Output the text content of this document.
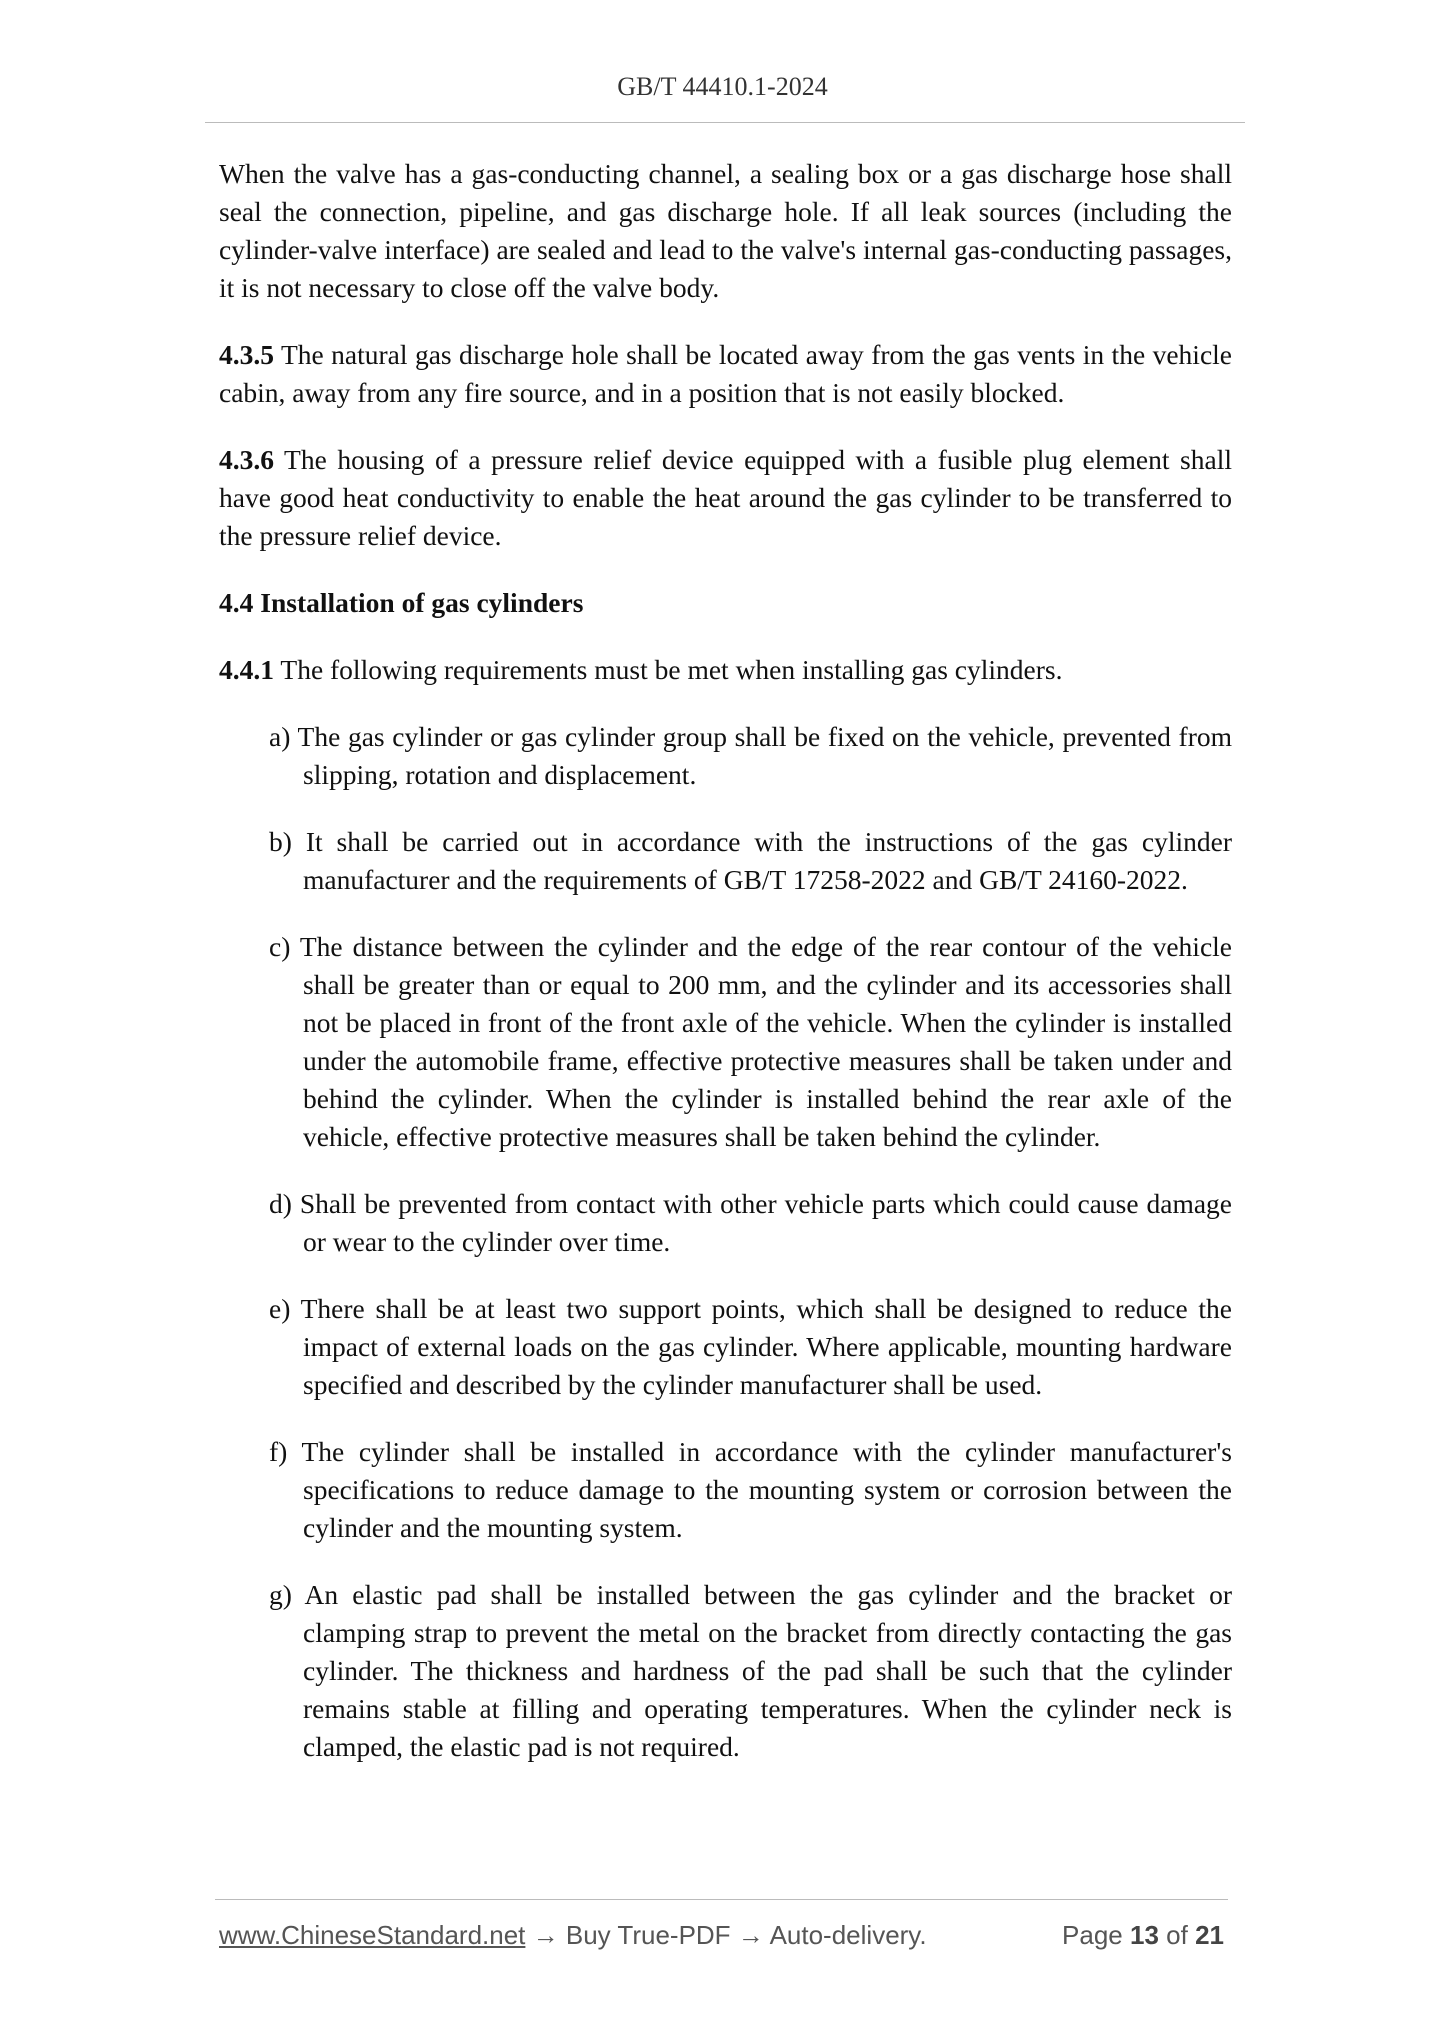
GB/T 44410.1-2024

When the valve has a gas-conducting channel, a sealing box or a gas discharge hose shall seal the connection, pipeline, and gas discharge hole. If all leak sources (including the cylinder-valve interface) are sealed and lead to the valve's internal gas-conducting passages, it is not necessary to close off the valve body.

4.3.5 The natural gas discharge hole shall be located away from the gas vents in the vehicle cabin, away from any fire source, and in a position that is not easily blocked.

4.3.6 The housing of a pressure relief device equipped with a fusible plug element shall have good heat conductivity to enable the heat around the gas cylinder to be transferred to the pressure relief device.

4.4 Installation of gas cylinders

4.4.1 The following requirements must be met when installing gas cylinders.

a) The gas cylinder or gas cylinder group shall be fixed on the vehicle, prevented from slipping, rotation and displacement.

b) It shall be carried out in accordance with the instructions of the gas cylinder manufacturer and the requirements of GB/T 17258-2022 and GB/T 24160-2022.

c) The distance between the cylinder and the edge of the rear contour of the vehicle shall be greater than or equal to 200 mm, and the cylinder and its accessories shall not be placed in front of the front axle of the vehicle. When the cylinder is installed under the automobile frame, effective protective measures shall be taken under and behind the cylinder. When the cylinder is installed behind the rear axle of the vehicle, effective protective measures shall be taken behind the cylinder.

d) Shall be prevented from contact with other vehicle parts which could cause damage or wear to the cylinder over time.

e) There shall be at least two support points, which shall be designed to reduce the impact of external loads on the gas cylinder. Where applicable, mounting hardware specified and described by the cylinder manufacturer shall be used.

f) The cylinder shall be installed in accordance with the cylinder manufacturer's specifications to reduce damage to the mounting system or corrosion between the cylinder and the mounting system.

g) An elastic pad shall be installed between the gas cylinder and the bracket or clamping strap to prevent the metal on the bracket from directly contacting the gas cylinder. The thickness and hardness of the pad shall be such that the cylinder remains stable at filling and operating temperatures. When the cylinder neck is clamped, the elastic pad is not required.

www.ChineseStandard.net → Buy True-PDF → Auto-delivery.	Page 13 of 21
